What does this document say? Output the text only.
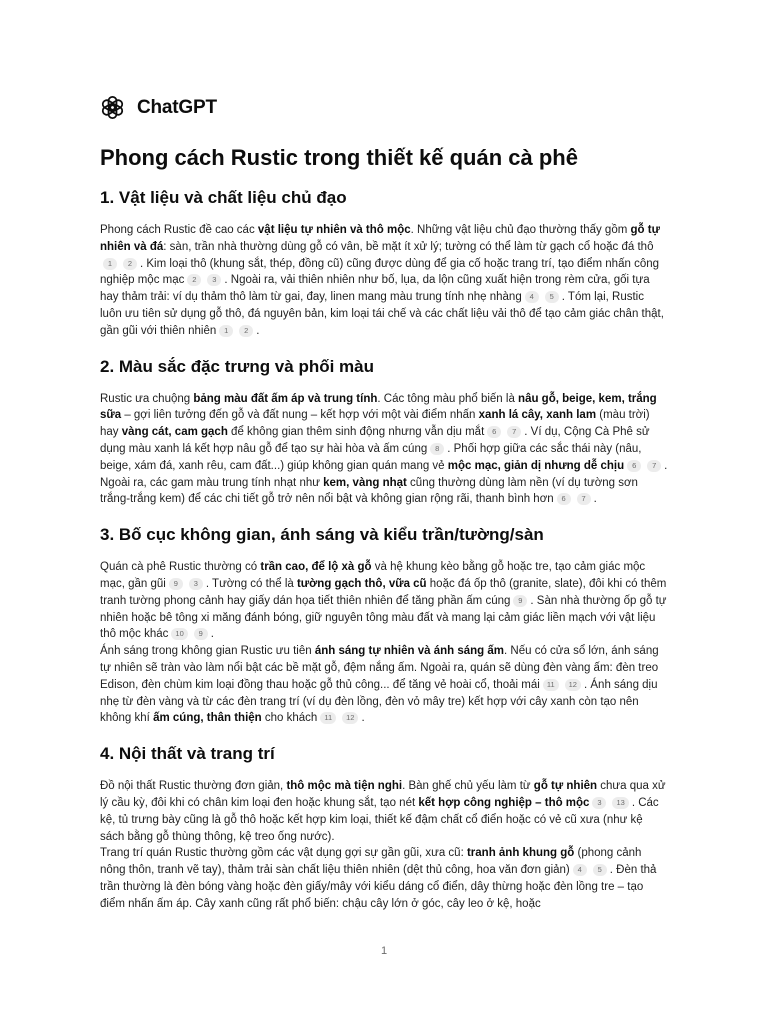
ChatGPT
Phong cách Rustic trong thiết kế quán cà phê
1. Vật liệu và chất liệu chủ đạo

Phong cách Rustic đề cao các vật liệu tự nhiên và thô mộc. Những vật liệu chủ đạo thường thấy gồm gỗ tự nhiên và đá: sàn, trần nhà thường dùng gỗ có vân, bề mặt ít xử lý; tường có thể làm từ gạch cổ hoặc đá thô1 2 . Kim loại thô (khung sắt, thép, đồng cũ) cũng được dùng để gia cố hoặc trang trí, tạo điểm nhấn công nghiệp mộc mạc 2 3 . Ngoài ra, vải thiên nhiên như bố, lụa, da lộn cũng xuất hiện trong rèm cửa, gối tựa hay thảm trải: ví dụ thảm thô làm từ gai, đay, linen mang màu trung tính nhẹ nhàng 4 5 . Tóm lại, Rustic luôn ưu tiên sử dụng gỗ thô, đá nguyên bản, kim loại tái chế và các chất liệu vải thô để tạo cảm giác chân thật, gần gũi với thiên nhiên 1 2 .

2. Màu sắc đặc trưng và phối màu

Rustic ưa chuộng bảng màu đất ấm áp và trung tính. Các tông màu phổ biến là nâu gỗ, beige, kem, trắng sữa – gợi liên tưởng đến gỗ và đất nung – kết hợp với một vài điểm nhấn xanh lá cây, xanh lam (màu trời) hay vàng cát, cam gạch để không gian thêm sinh động nhưng vẫn dịu mắt 6 7 . Ví dụ, Cộng Cà Phê sử dụng màu xanh lá kết hợp nâu gỗ để tạo sự hài hòa và ấm cúng 8 . Phối hợp giữa các sắc thái này (nâu, beige, xám đá, xanh rêu, cam đất...) giúp không gian quán mang vẻ mộc mạc, giản dị nhưng dễ chịu 6 7 . Ngoài ra, các gam màu trung tính nhạt như kem, vàng nhạt cũng thường dùng làm nền (ví dụ tường sơn trắng-trắng kem) để các chi tiết gỗ trở nên nổi bật và không gian rộng rãi, thanh bình hơn 6 7 .

3. Bố cục không gian, ánh sáng và kiểu trần/tường/sàn

Quán cà phê Rustic thường có trần cao, để lộ xà gỗ và hệ khung kèo bằng gỗ hoặc tre, tạo cảm giác mộc mạc, gần gũi 9 3 . Tường có thể là tường gạch thô, vữa cũ hoặc đá ốp thô (granite, slate), đôi khi có thêm tranh tường phong cảnh hay giấy dán họa tiết thiên nhiên để tăng phần ấm cúng 9 . Sàn nhà thường ốp gỗ tự nhiên hoặc bê tông xi măng đánh bóng, giữ nguyên tông màu đất và mang lại cảm giác liền mạch với vật liệu thô mộc khác 10 9 .

Ánh sáng trong không gian Rustic ưu tiên ánh sáng tự nhiên và ánh sáng ấm. Nếu có cửa sổ lớn, ánh sáng tự nhiên sẽ tràn vào làm nổi bật các bề mặt gỗ, đệm nắng ấm. Ngoài ra, quán sẽ dùng đèn vàng ấm: đèn treo Edison, đèn chùm kim loại đồng thau hoặc gỗ thủ công... để tăng vẻ hoài cổ, thoải mái 11 12 . Ánh sáng dịu nhẹ từ đèn vàng và từ các đèn trang trí (ví dụ đèn lồng, đèn vỏ mây tre) kết hợp với cây xanh còn tạo nên không khí ấm cúng, thân thiện cho khách 11 12 .

4. Nội thất và trang trí

Đồ nội thất Rustic thường đơn giản, thô mộc mà tiện nghi. Bàn ghế chủ yếu làm từ gỗ tự nhiên chưa qua xử lý cầu kỳ, đôi khi có chân kim loại đen hoặc khung sắt, tạo nét kết hợp công nghiệp – thô mộc 3 13 . Các kệ, tủ trưng bày cũng là gỗ thô hoặc kết hợp kim loại, thiết kế đậm chất cổ điển hoặc có vẻ cũ xưa (như kệ sách bằng gỗ thùng thông, kệ treo ống nước).

Trang trí quán Rustic thường gồm các vật dụng gợi sự gần gũi, xưa cũ: tranh ảnh khung gỗ (phong cảnh nông thôn, tranh vẽ tay), thảm trải sàn chất liệu thiên nhiên (dệt thủ công, hoa văn đơn giản) 4 5 . Đèn thả trần thường là đèn bóng vàng hoặc đèn giấy/mây với kiểu dáng cổ điển, dây thừng hoặc đèn lồng tre – tạo điểm nhấn ấm áp. Cây xanh cũng rất phổ biến: chậu cây lớn ở góc, cây leo ở kệ, hoặc

1
